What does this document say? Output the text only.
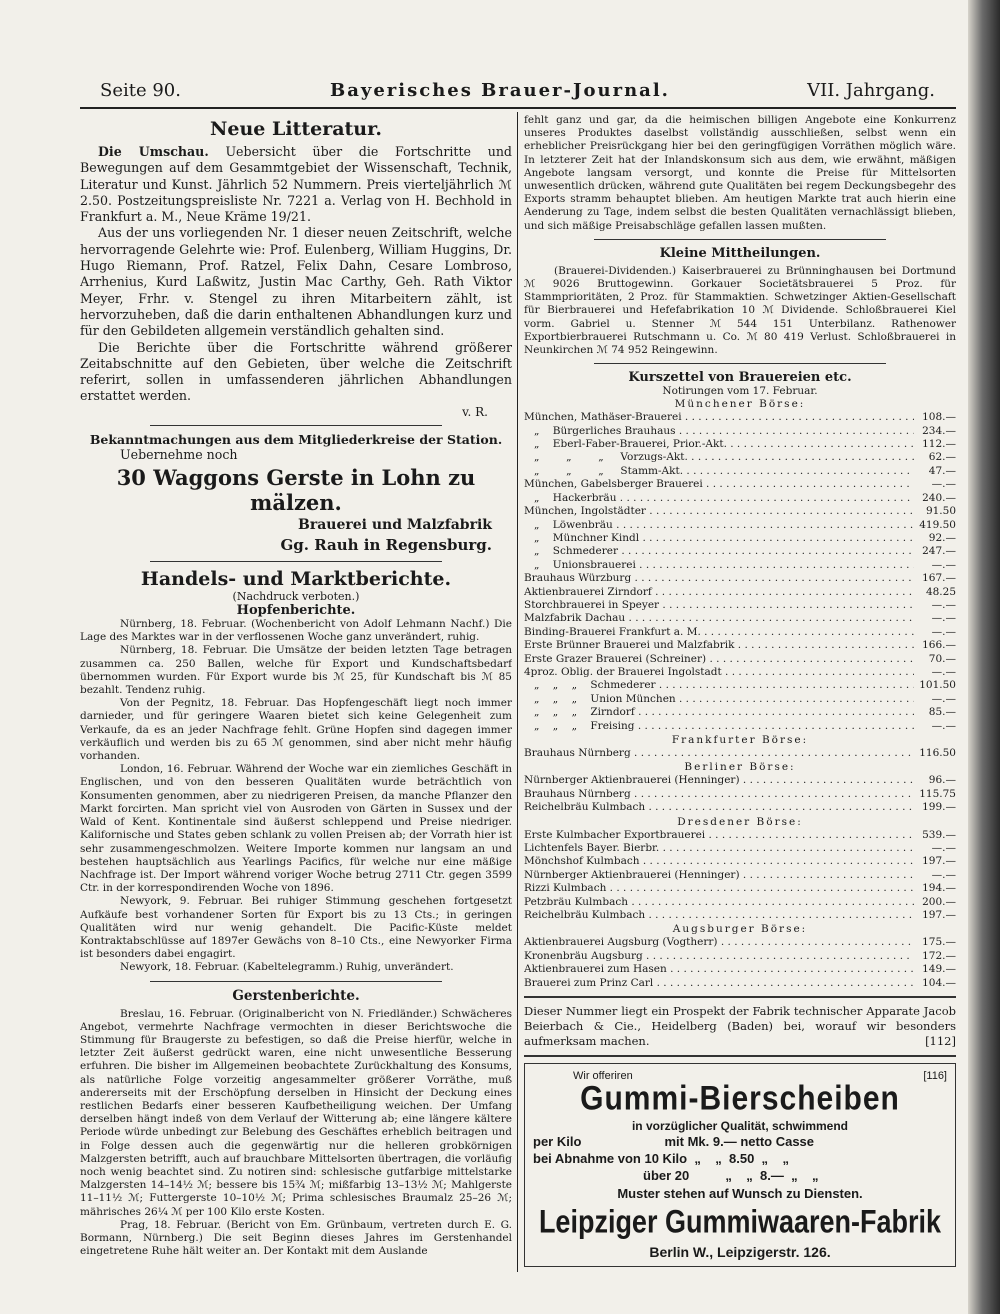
Seite 90.	Bayerisches Brauer-Journal.	VII. Jahrgang.

Neue Litteratur.

Die Umschau. Uebersicht über die Fortschritte und Bewegungen auf dem Gesammtgebiet der Wissenschaft, Technik, Literatur und Kunst. Jährlich 52 Nummern. Preis vierteljährlich ℳ 2.50. Postzeitungspreisliste Nr. 7221 a. Verlag von H. Bechhold in Frankfurt a. M., Neue Kräme 19/21.

Aus der uns vorliegenden Nr. 1 dieser neuen Zeitschrift, welche hervorragende Gelehrte wie: Prof. Eulenberg, William Huggins, Dr. Hugo Riemann, Prof. Ratzel, Felix Dahn, Cesare Lombroso, Arrhenius, Kurd Laßwitz, Justin Mac Carthy, Geh. Rath Viktor Meyer, Frhr. v. Stengel zu ihren Mitarbeitern zählt, ist hervorzuheben, daß die darin enthaltenen Abhandlungen kurz und für den Gebildeten allgemein verständlich gehalten sind.

Die Berichte über die Fortschritte während größerer Zeitabschnitte auf den Gebieten, über welche die Zeitschrift referirt, sollen in umfassenderen jährlichen Abhandlungen erstattet werden.

v. R.

Bekanntmachungen aus dem Mitgliederkreise der Station.

Uebernehme noch

30 Waggons Gerste in Lohn zu mälzen.

Brauerei und Malzfabrik

Gg. Rauh in Regensburg.

Handels- und Marktberichte.

(Nachdruck verboten.)

Hopfenberichte.

Nürnberg, 18. Februar. (Wochenbericht von Adolf Lehmann Nachf.) Die Lage des Marktes war in der verflossenen Woche ganz unverändert, ruhig.

Nürnberg, 18. Februar. Die Umsätze der beiden letzten Tage betragen zusammen ca. 250 Ballen, welche für Export und Kundschaftsbedarf übernommen wurden. Für Export wurde bis ℳ 25, für Kundschaft bis ℳ 85 bezahlt. Tendenz ruhig.

Von der Pegnitz, 18. Februar. Das Hopfengeschäft liegt noch immer darnieder, und für geringere Waaren bietet sich keine Gelegenheit zum Verkaufe, da es an jeder Nachfrage fehlt. Grüne Hopfen sind dagegen immer verkäuflich und werden bis zu 65 ℳ genommen, sind aber nicht mehr häufig vorhanden.

London, 16. Februar. Während der Woche war ein ziemliches Geschäft in Englischen, und von den besseren Qualitäten wurde beträchtlich von Konsumenten genommen, aber zu niedrigeren Preisen, da manche Pflanzer den Markt forcirten. Man spricht viel von Ausroden von Gärten in Sussex und der Wald of Kent. Kontinentale sind äußerst schleppend und Preise niedriger. Kalifornische und States geben schlank zu vollen Preisen ab; der Vorrath hier ist sehr zusammengeschmolzen. Weitere Importe kommen nur langsam an und bestehen hauptsächlich aus Yearlings Pacifics, für welche nur eine mäßige Nachfrage ist. Der Import während voriger Woche betrug 2711 Ctr. gegen 3599 Ctr. in der korrespondirenden Woche von 1896.

Newyork, 9. Februar. Bei ruhiger Stimmung geschehen fortgesetzt Aufkäufe best vorhandener Sorten für Export bis zu 13 Cts.; in geringen Qualitäten wird nur wenig gehandelt. Die Pacific-Küste meldet Kontraktabschlüsse auf 1897er Gewächs von 8–10 Cts., eine Newyorker Firma ist besonders dabei engagirt.

Newyork, 18. Februar. (Kabeltelegramm.) Ruhig, unverändert.

Gerstenberichte.

Breslau, 16. Februar. (Originalbericht von N. Friedländer.) Schwächeres Angebot, vermehrte Nachfrage vermochten in dieser Berichtswoche die Stimmung für Braugerste zu befestigen, so daß die Preise hierfür, welche in letzter Zeit äußerst gedrückt waren, eine nicht unwesentliche Besserung erfuhren. Die bisher im Allgemeinen beobachtete Zurückhaltung des Konsums, als natürliche Folge vorzeitig angesammelter größerer Vorräthe, muß andererseits mit der Erschöpfung derselben in Hinsicht der Deckung eines restlichen Bedarfs einer besseren Kaufbetheiligung weichen. Der Umfang derselben hängt indeß von dem Verlauf der Witterung ab; eine längere kältere Periode würde unbedingt zur Belebung des Geschäftes erheblich beitragen und in Folge dessen auch die gegenwärtig nur die helleren grobkörnigen Malzgersten betrifft, auch auf brauchbare Mittelsorten übertragen, die vorläufig noch wenig beachtet sind. Zu notiren sind: schlesische gutfarbige mittelstarke Malzgersten 14–14½ ℳ; bessere bis 15¾ ℳ; mißfarbig 13–13½ ℳ; Mahlgerste 11–11½ ℳ; Futtergerste 10–10½ ℳ; Prima schlesisches Braumalz 25–26 ℳ; mährisches 26¼ ℳ per 100 Kilo erste Kosten.

Prag, 18. Februar. (Bericht von Em. Grünbaum, vertreten durch E. G. Bormann, Nürnberg.) Die seit Beginn dieses Jahres im Gerstenhandel eingetretene Ruhe hält weiter an. Der Kontakt mit dem Auslande

fehlt ganz und gar, da die heimischen billigen Angebote eine Konkurrenz unseres Produktes daselbst vollständig ausschließen, selbst wenn ein erheblicher Preisrückgang hier bei den geringfügigen Vorräthen möglich wäre. In letzterer Zeit hat der Inlandskonsum sich aus dem, wie erwähnt, mäßigen Angebote langsam versorgt, und konnte die Preise für Mittelsorten unwesentlich drücken, während gute Qualitäten bei regem Deckungsbegehr des Exports stramm behauptet blieben. Am heutigen Markte trat auch hierin eine Aenderung zu Tage, indem selbst die besten Qualitäten vernachlässigt blieben, und sich mäßige Preisabschläge gefallen lassen mußten.

Kleine Mittheilungen.

(Brauerei-Dividenden.) Kaiserbrauerei zu Brünninghausen bei Dortmund ℳ 9026 Bruttogewinn. Gorkauer Societätsbrauerei 5 Proz. für Stammprioritäten, 2 Proz. für Stammaktien. Schwetzinger Aktien-Gesellschaft für Bierbrauerei und Hefefabrikation 10 ℳ Dividende. Schloßbrauerei Kiel vorm. Gabriel u. Stenner ℳ 544 151 Unterbilanz. Rathenower Exportbierbrauerei Rutschmann u. Co. ℳ 80 419 Verlust. Schloßbrauerei in Neunkirchen ℳ 74 952 Reingewinn.

Kurszettel von Brauereien etc.

Notirungen vom 17. Februar.

Münchener Börse:
München, Mathäser-Brauerei . . .	108.—
„    Bürgerliches Brauhaus . . .	234.—
„    Eberl-Faber-Brauerei, Prior.-Akt. . . .	112.—
„        „        „     Vorzugs-Akt. . . .	62.—
„        „        „     Stamm-Akt. . . .	47.—
München, Gabelsberger Brauerei . . .	—.—
„    Hackerbräu . . .	240.—
München, Ingolstädter . . .	91.50
„    Löwenbräu . . .	419.50
„    Münchner Kindl . . .	92.—
„    Schmederer . . .	247.—
„    Unionsbrauerei . . .	—.—
Brauhaus Würzburg . . .	167.—
Aktienbrauerei Zirndorf . . .	48.25
Storchbrauerei in Speyer . . .	—.—
Malzfabrik Dachau . . .	—.—
Binding-Brauerei Frankfurt a. M. . . .	—.—
Erste Brünner Brauerei und Malzfabrik . . .	166.—
Erste Grazer Brauerei (Schreiner) . . .	70.—
4proz. Oblig. der Brauerei Ingolstadt . . .	—.—
„    „    „    Schmederer . . .	101.50
„    „    „    Union München . . .	—.—
„    „    „    Zirndorf . . .	85.—
„    „    „    Freising . . .	—.—
Frankfurter Börse:
Brauhaus Nürnberg . . .	116.50
Berliner Börse:
Nürnberger Aktienbrauerei (Henninger) . . .	96.—
Brauhaus Nürnberg . . .	115.75
Reichelbräu Kulmbach . . .	199.—
Dresdener Börse:
Erste Kulmbacher Exportbrauerei . . .	539.—
Lichtenfels Bayer. Bierbr. . . .	—.—
Mönchshof Kulmbach . . .	197.—
Nürnberger Aktienbrauerei (Henninger) . . .	—.—
Rizzi Kulmbach . . .	194.—
Petzbräu Kulmbach . . .	200.—
Reichelbräu Kulmbach . . .	197.—
Augsburger Börse:
Aktienbrauerei Augsburg (Vogtherr) . . .	175.—
Kronenbräu Augsburg . . .	172.—
Aktienbrauerei zum Hasen . . .	149.—
Brauerei zum Prinz Carl . . .	104.—

Dieser Nummer liegt ein Prospekt der Fabrik technischer Apparate Jacob Beierbach & Cie., Heidelberg (Baden) bei, worauf wir besonders aufmerksam machen.	[112]

Wir offeriren	[116]
Gummi-Bierscheiben
in vorzüglicher Qualität, schwimmend
per Kilo                       mit Mk. 9.— netto Casse
bei Abnahme von 10 Kilo  „    „  8.50  „    „
über 20          „    „  8.—  „    „
Muster stehen auf Wunsch zu Diensten.
Leipziger Gummiwaaren-Fabrik
Berlin W., Leipzigerstr. 126.
